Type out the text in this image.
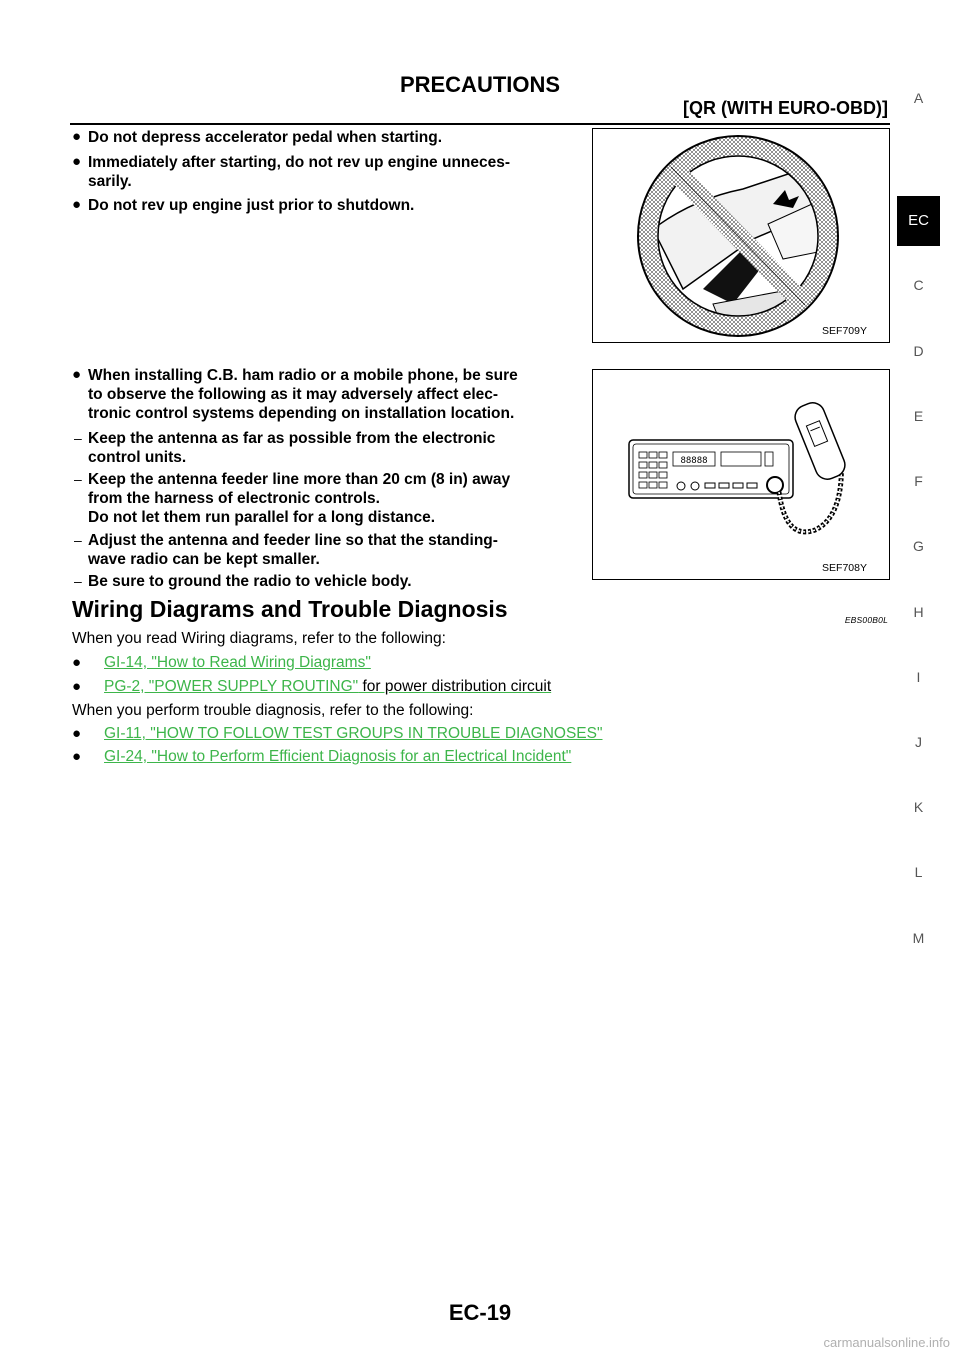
PRECAUTIONS
[QR (WITH EURO-OBD)]	A
EC
C
D
E
F
G
H
I
J
K
L
M
● Do not depress accelerator pedal when starting.
● Immediately after starting, do not rev up engine unneces-
sarily.
● Do not rev up engine just prior to shutdown.
SEF709Y
● When installing C.B. ham radio or a mobile phone, be sure
to observe the following as it may adversely affect elec-
tronic control systems depending on installation location.
– Keep the antenna as far as possible from the electronic
control units.
– Keep the antenna feeder line more than 20 cm (8 in) away
from the harness of electronic controls.
Do not let them run parallel for a long distance.
– Adjust the antenna and feeder line so that the standing-
wave radio can be kept smaller.
– Be sure to ground the radio to vehicle body.
88888
SEF708Y
Wiring Diagrams and Trouble Diagnosis	EBS00B0L
When you read Wiring diagrams, refer to the following:
● GI-14, "How to Read Wiring Diagrams"
● PG-2, "POWER SUPPLY ROUTING" for power distribution circuit
When you perform trouble diagnosis, refer to the following:
● GI-11, "HOW TO FOLLOW TEST GROUPS IN TROUBLE DIAGNOSES"
● GI-24, "How to Perform Efficient Diagnosis for an Electrical Incident"
EC-19
carmanualsonline.info
